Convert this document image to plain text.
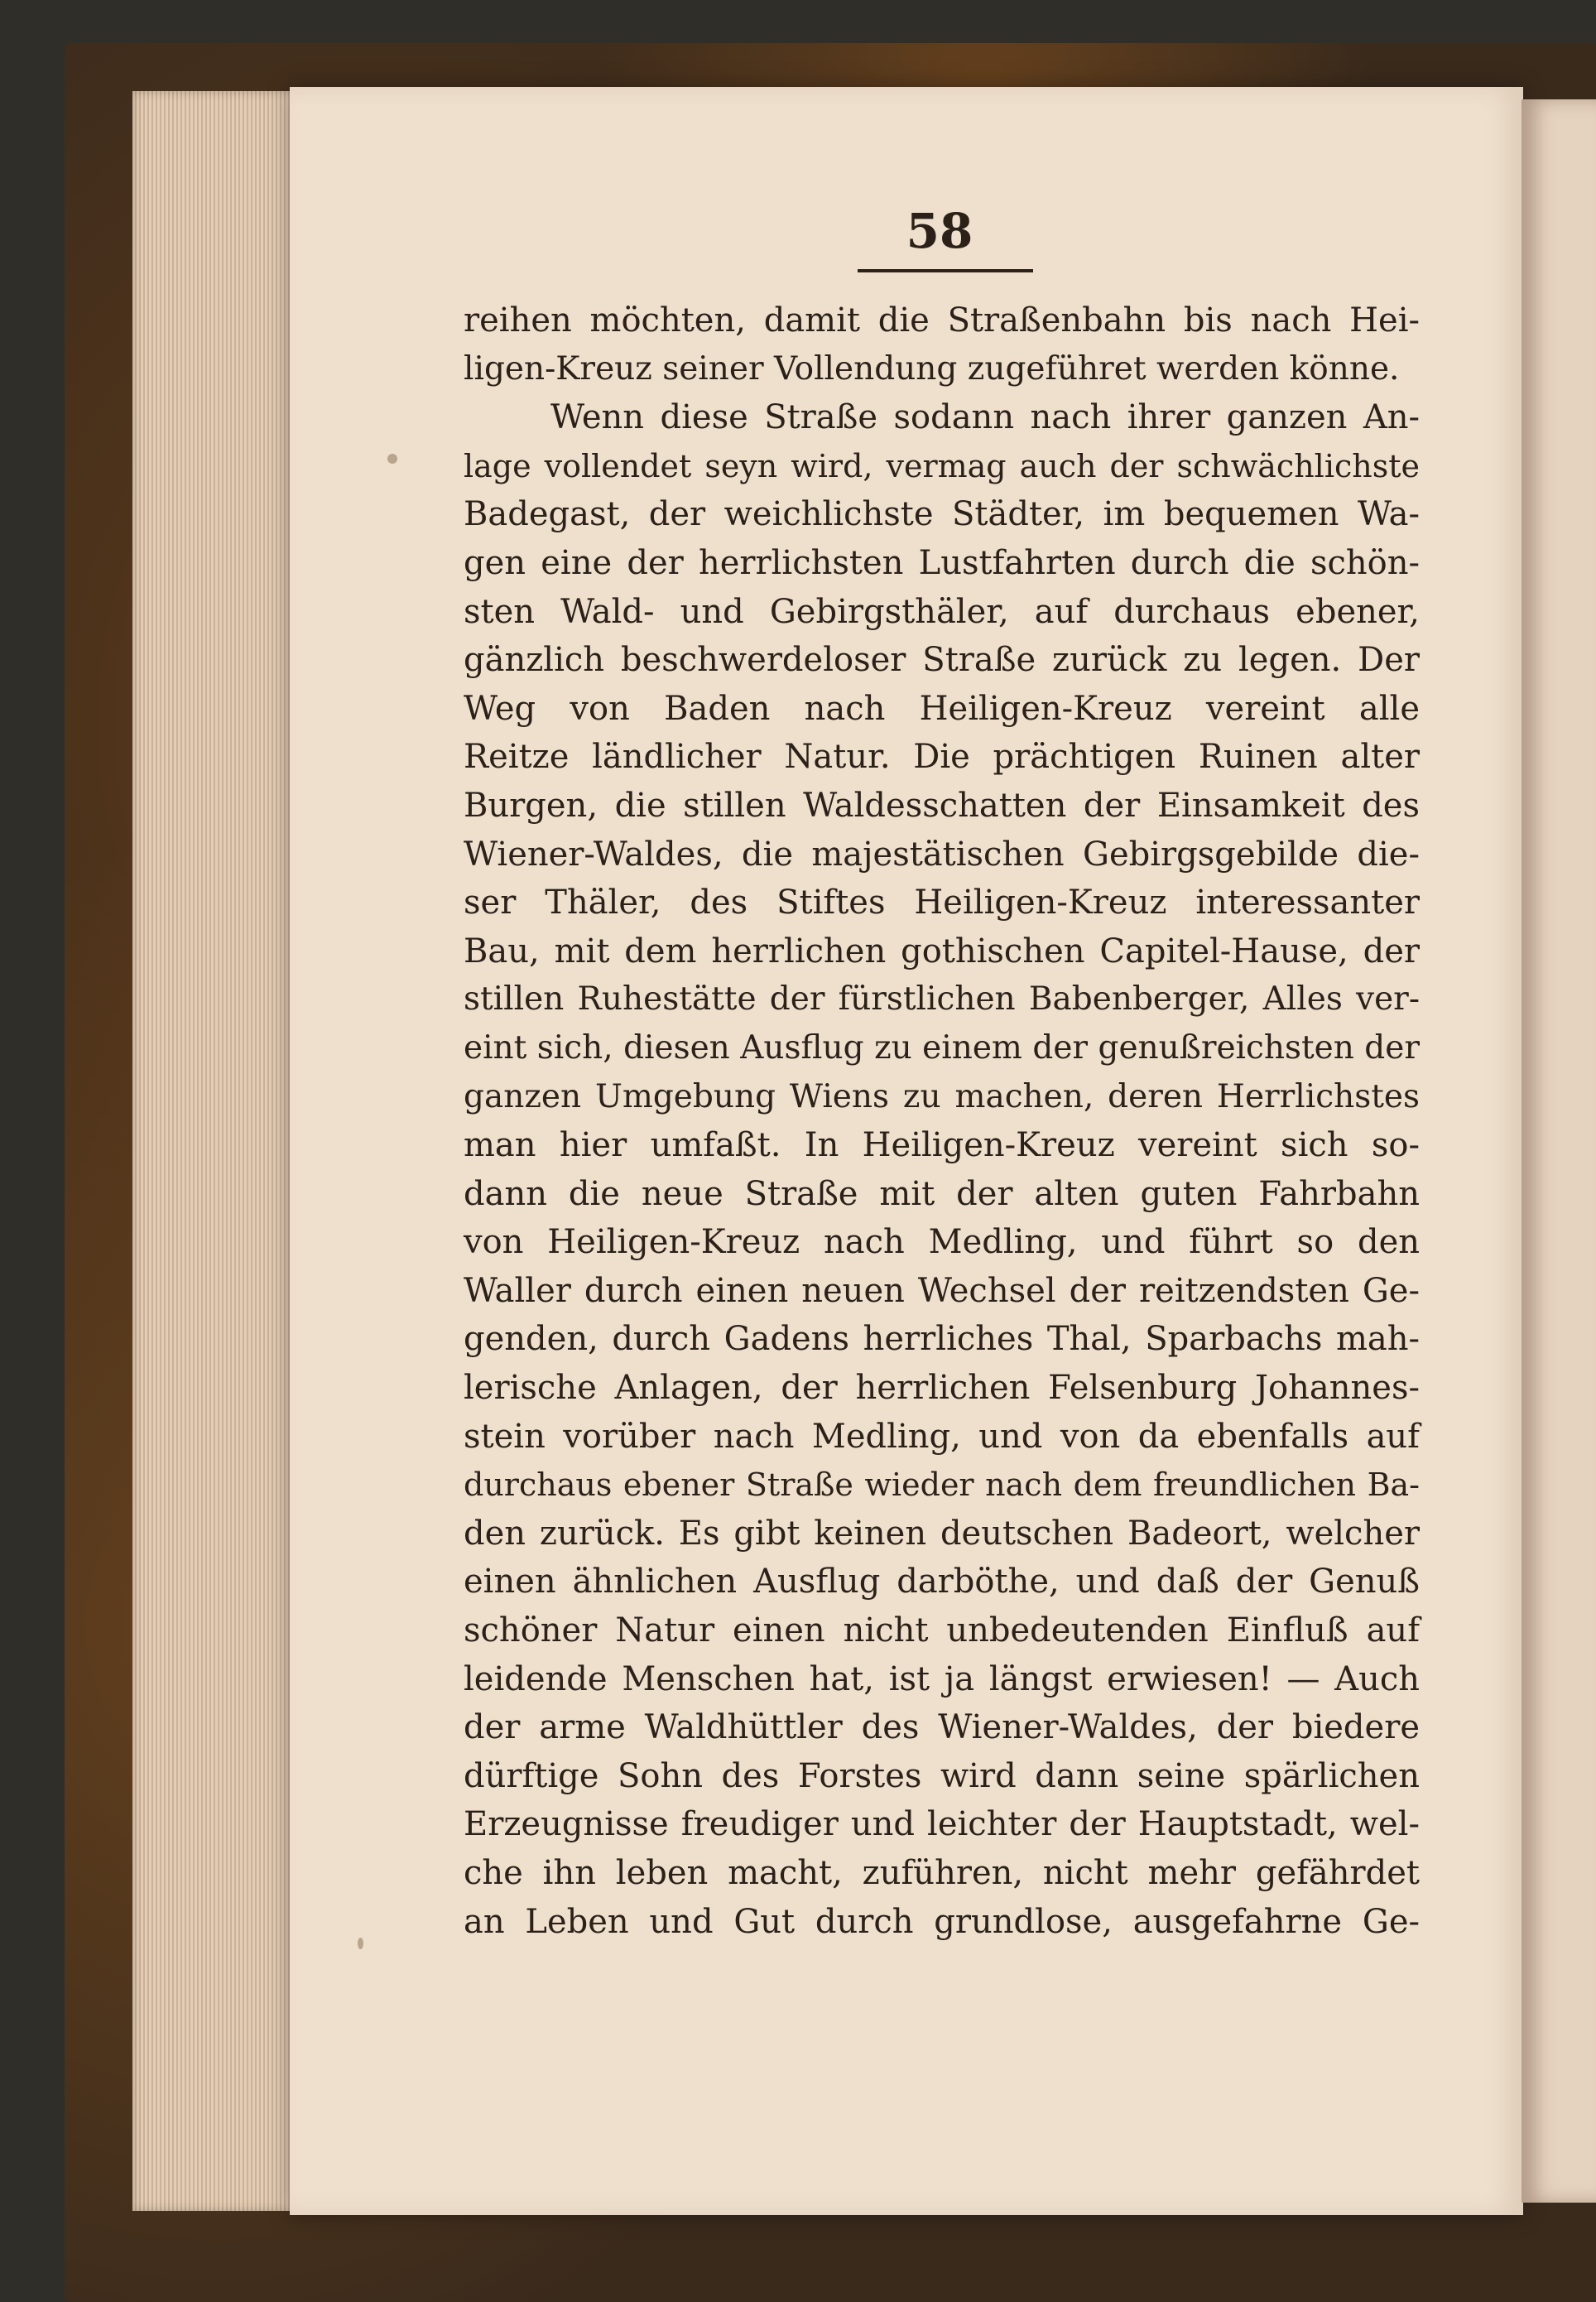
58

reihen möchten, damit die Straßenbahn bis nach Hei-
ligen-Kreuz seiner Vollendung zugeführet werden könne.
Wenn diese Straße sodann nach ihrer ganzen An-
lage vollendet seyn wird, vermag auch der schwächlichste
Badegast, der weichlichste Städter, im bequemen Wa-
gen eine der herrlichsten Lustfahrten durch die schön-
sten Wald- und Gebirgsthäler, auf durchaus ebener,
gänzlich beschwerdeloser Straße zurück zu legen. Der
Weg von Baden nach Heiligen-Kreuz vereint alle
Reitze ländlicher Natur. Die prächtigen Ruinen alter
Burgen, die stillen Waldesschatten der Einsamkeit des
Wiener-Waldes, die majestätischen Gebirgsgebilde die-
ser Thäler, des Stiftes Heiligen-Kreuz interessanter
Bau, mit dem herrlichen gothischen Capitel-Hause, der
stillen Ruhestätte der fürstlichen Babenberger, Alles ver-
eint sich, diesen Ausflug zu einem der genußreichsten der
ganzen Umgebung Wiens zu machen, deren Herrlichstes
man hier umfaßt. In Heiligen-Kreuz vereint sich so-
dann die neue Straße mit der alten guten Fahrbahn
von Heiligen-Kreuz nach Medling, und führt so den
Waller durch einen neuen Wechsel der reitzendsten Ge-
genden, durch Gadens herrliches Thal, Sparbachs mah-
lerische Anlagen, der herrlichen Felsenburg Johannes-
stein vorüber nach Medling, und von da ebenfalls auf
durchaus ebener Straße wieder nach dem freundlichen Ba-
den zurück. Es gibt keinen deutschen Badeort, welcher
einen ähnlichen Ausflug darböthe, und daß der Genuß
schöner Natur einen nicht unbedeutenden Einfluß auf
leidende Menschen hat, ist ja längst erwiesen! — Auch
der arme Waldhüttler des Wiener-Waldes, der biedere
dürftige Sohn des Forstes wird dann seine spärlichen
Erzeugnisse freudiger und leichter der Hauptstadt, wel-
che ihn leben macht, zuführen, nicht mehr gefährdet
an Leben und Gut durch grundlose, ausgefahrne Ge-
